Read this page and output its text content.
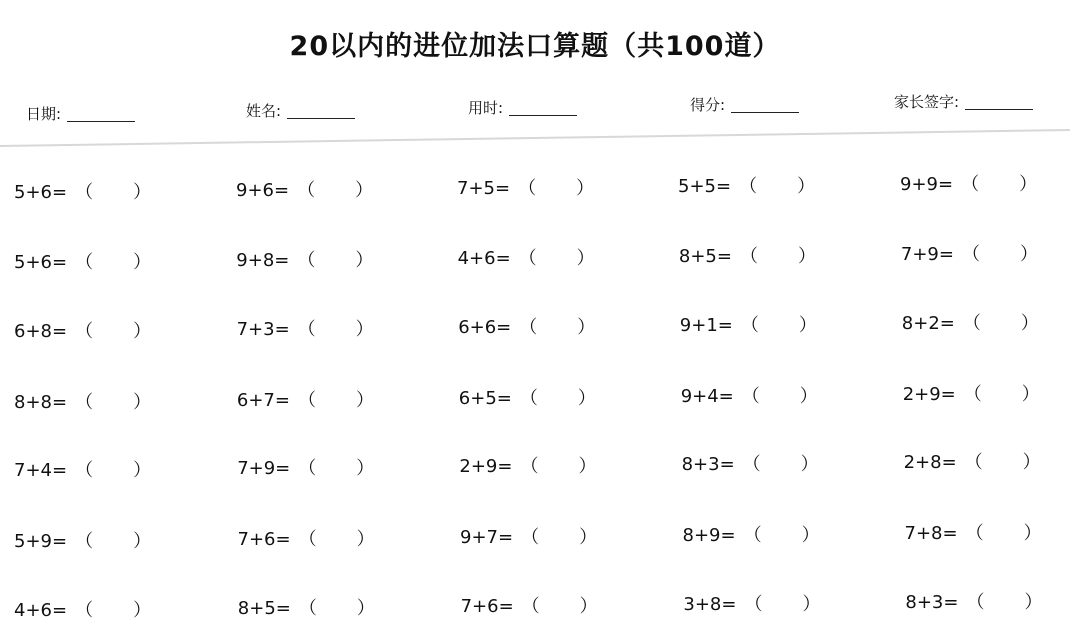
20以内的进位加法口算题（共100道）
日期:	姓名:	用时:	得分:	家长签字:
5+6= （ ）	9+6= （ ）	7+5= （ ）	5+5= （ ）	9+9= （ ）
5+6= （ ）	9+8= （ ）	4+6= （ ）	8+5= （ ）	7+9= （ ）
6+8= （ ）	7+3= （ ）	6+6= （ ）	9+1= （ ）	8+2= （ ）
8+8= （ ）	6+7= （ ）	6+5= （ ）	9+4= （ ）	2+9= （ ）
7+4= （ ）	7+9= （ ）	2+9= （ ）	8+3= （ ）	2+8= （ ）
5+9= （ ）	7+6= （ ）	9+7= （ ）	8+9= （ ）	7+8= （ ）
4+6= （ ）	8+5= （ ）	7+6= （ ）	3+8= （ ）	8+3= （ ）
